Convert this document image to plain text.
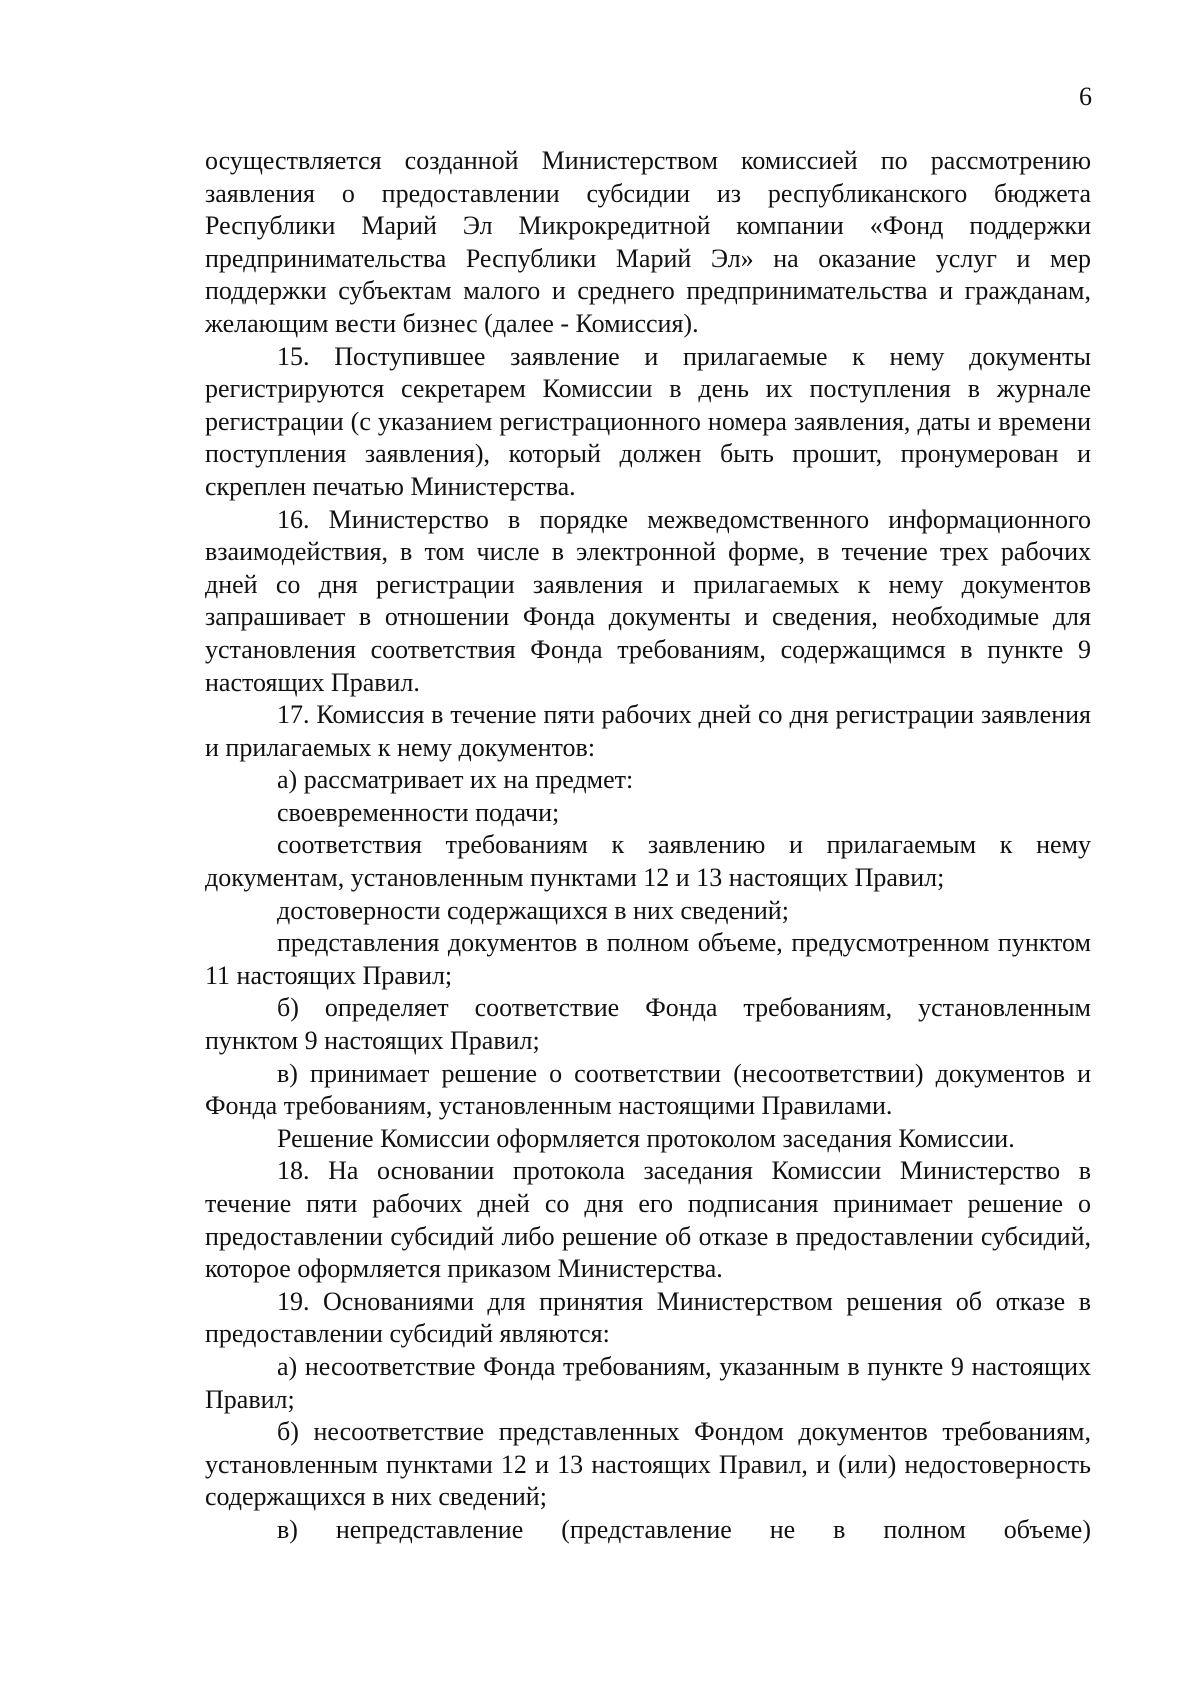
6

осуществляется созданной Министерством комиссией по рассмотрению заявления о предоставлении субсидии из республиканского бюджета Республики Марий Эл Микрокредитной компании «Фонд поддержки предпринимательства Республики Марий Эл» на оказание услуг и мер поддержки субъектам малого и среднего предпринимательства и гражданам, желающим вести бизнес (далее - Комиссия).

15. Поступившее заявление и прилагаемые к нему документы регистрируются секретарем Комиссии в день их поступления в журнале регистрации (с указанием регистрационного номера заявления, даты и времени поступления заявления), который должен быть прошит, пронумерован и скреплен печатью Министерства.

16. Министерство в порядке межведомственного информационного взаимодействия, в том числе в электронной форме, в течение трех рабочих дней со дня регистрации заявления и прилагаемых к нему документов запрашивает в отношении Фонда документы и сведения, необходимые для установления соответствия Фонда требованиям, содержащимся в пункте 9 настоящих Правил.

17. Комиссия в течение пяти рабочих дней со дня регистрации заявления и прилагаемых к нему документов:

а) рассматривает их на предмет:

своевременности подачи;

соответствия требованиям к заявлению и прилагаемым к нему документам, установленным пунктами 12 и 13 настоящих Правил;

достоверности содержащихся в них сведений;

представления документов в полном объеме, предусмотренном пунктом 11 настоящих Правил;

б) определяет соответствие Фонда требованиям, установленным пунктом 9 настоящих Правил;

в) принимает решение о соответствии (несоответствии) документов и Фонда требованиям, установленным настоящими Правилами.

Решение Комиссии оформляется протоколом заседания Комиссии.

18. На основании протокола заседания Комиссии Министерство в течение пяти рабочих дней со дня его подписания принимает решение о предоставлении субсидий либо решение об отказе в предоставлении субсидий, которое оформляется приказом Министерства.

19. Основаниями для принятия Министерством решения об отказе в предоставлении субсидий являются:

а) несоответствие Фонда требованиям, указанным в пункте 9 настоящих Правил;

б) несоответствие представленных Фондом документов требованиям, установленным пунктами 12 и 13 настоящих Правил, и (или) недостоверность содержащихся в них сведений;

в) непредставление (представление не в полном объеме)
